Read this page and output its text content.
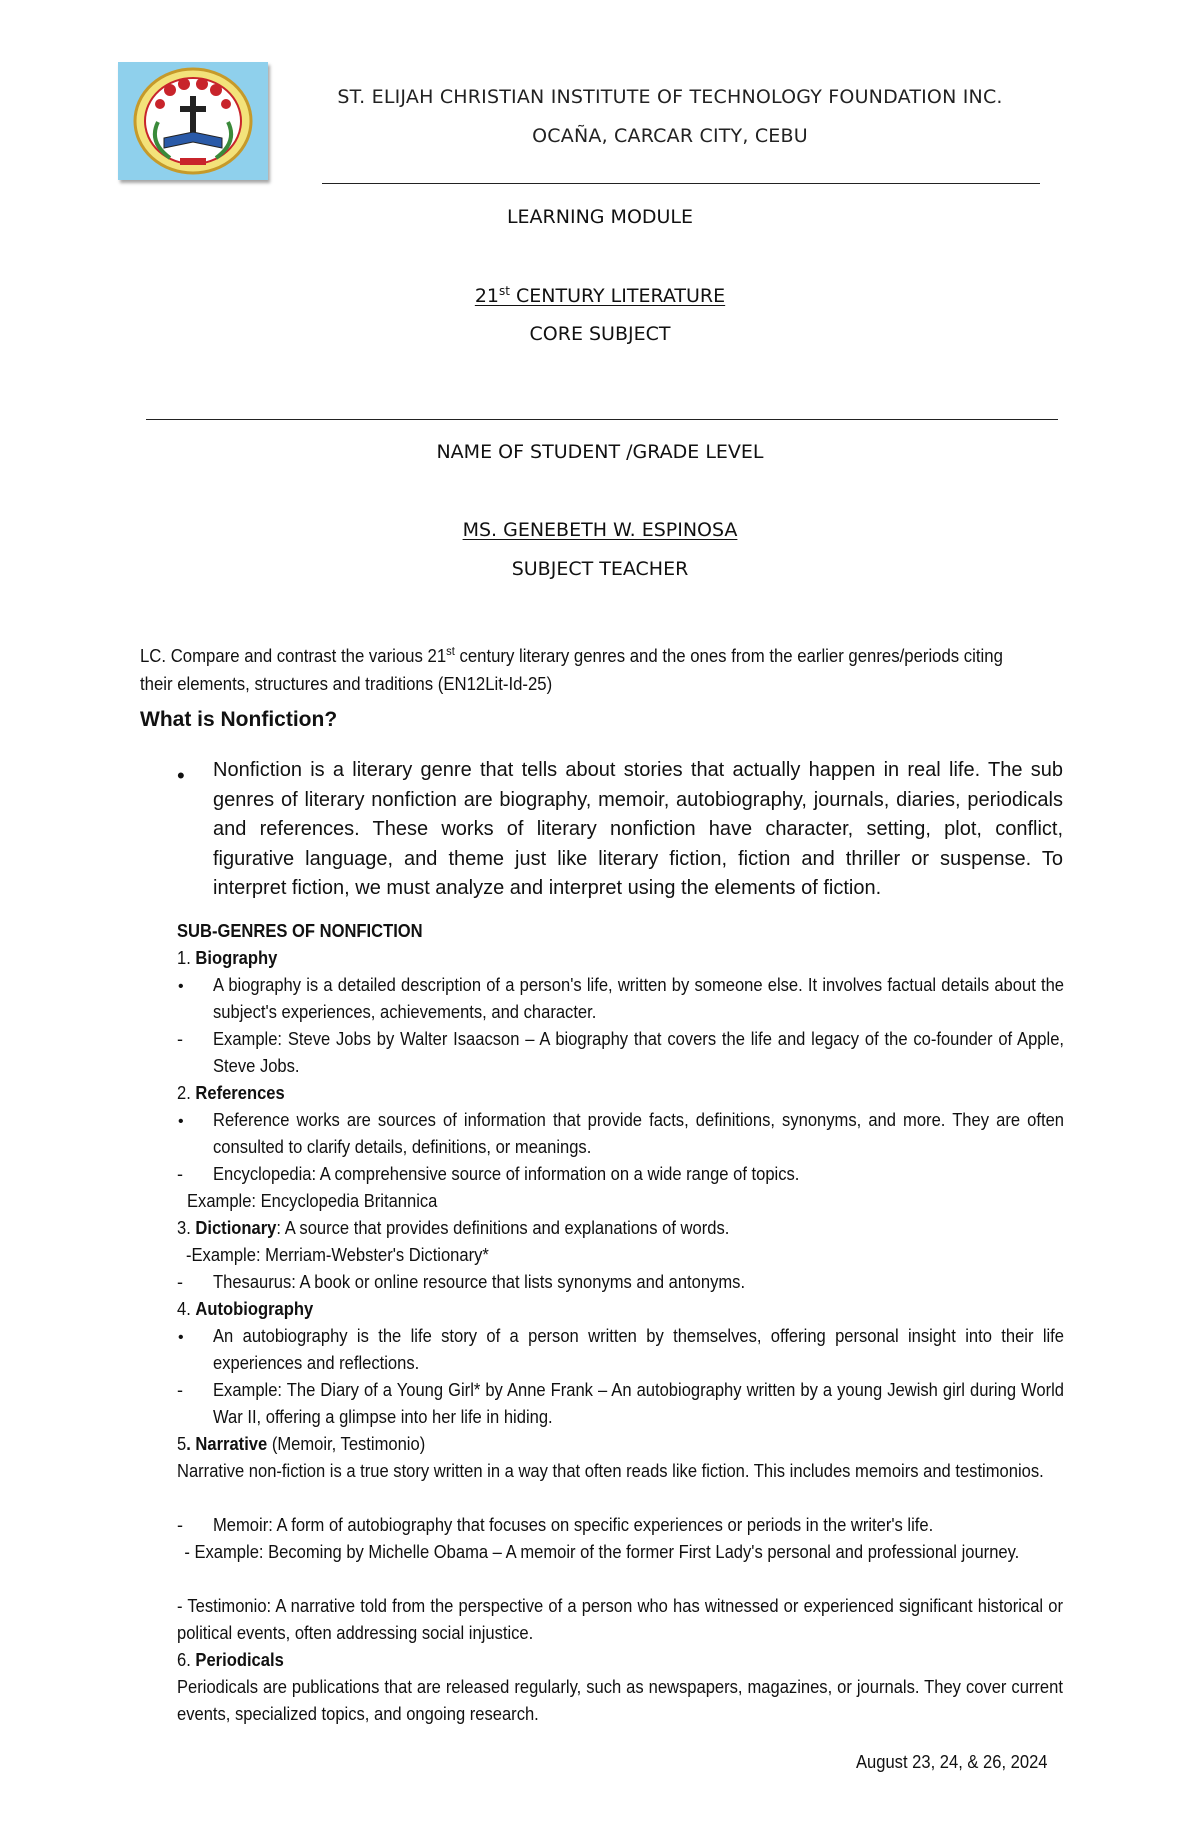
ST. ELIJAH CHRISTIAN INSTITUTE OF TECHNOLOGY FOUNDATION INC.
OCAÑA, CARCAR CITY, CEBU
LEARNING MODULE
21st CENTURY LITERATURE
CORE SUBJECT
NAME OF STUDENT /GRADE LEVEL
MS. GENEBETH W. ESPINOSA
SUBJECT TEACHER
LC. Compare and contrast the various 21st century literary genres and the ones from the earlier genres/periods citing
their elements, structures and traditions (EN12Lit-Id-25)
What is Nonfiction?
• Nonfiction is a literary genre that tells about stories that actually happen in real life. The sub genres of literary nonfiction are biography, memoir, autobiography, journals, diaries, periodicals and references. These works of literary nonfiction have character, setting, plot, conflict, figurative language, and theme just like literary fiction, fiction and thriller or suspense. To interpret fiction, we must analyze and interpret using the elements of fiction.
SUB-GENRES OF NONFICTION
1. Biography
• A biography is a detailed description of a person's life, written by someone else. It involves factual details about the subject's experiences, achievements, and character.
- Example: Steve Jobs by Walter Isaacson – A biography that covers the life and legacy of the co-founder of Apple, Steve Jobs.
2. References
• Reference works are sources of information that provide facts, definitions, synonyms, and more. They are often consulted to clarify details, definitions, or meanings.
- Encyclopedia: A comprehensive source of information on a wide range of topics.
Example: Encyclopedia Britannica
3. Dictionary: A source that provides definitions and explanations of words.
-Example: Merriam-Webster's Dictionary*
- Thesaurus: A book or online resource that lists synonyms and antonyms.
4. Autobiography
• An autobiography is the life story of a person written by themselves, offering personal insight into their life experiences and reflections.
- Example: The Diary of a Young Girl* by Anne Frank – An autobiography written by a young Jewish girl during World War II, offering a glimpse into her life in hiding.
5. Narrative (Memoir, Testimonio)
Narrative non-fiction is a true story written in a way that often reads like fiction. This includes memoirs and testimonios.
- Memoir: A form of autobiography that focuses on specific experiences or periods in the writer's life.
- Example: Becoming by Michelle Obama – A memoir of the former First Lady's personal and professional journey.
- Testimonio: A narrative told from the perspective of a person who has witnessed or experienced significant historical or political events, often addressing social injustice.
6. Periodicals
Periodicals are publications that are released regularly, such as newspapers, magazines, or journals. They cover current events, specialized topics, and ongoing research.
August 23, 24, & 26, 2024
